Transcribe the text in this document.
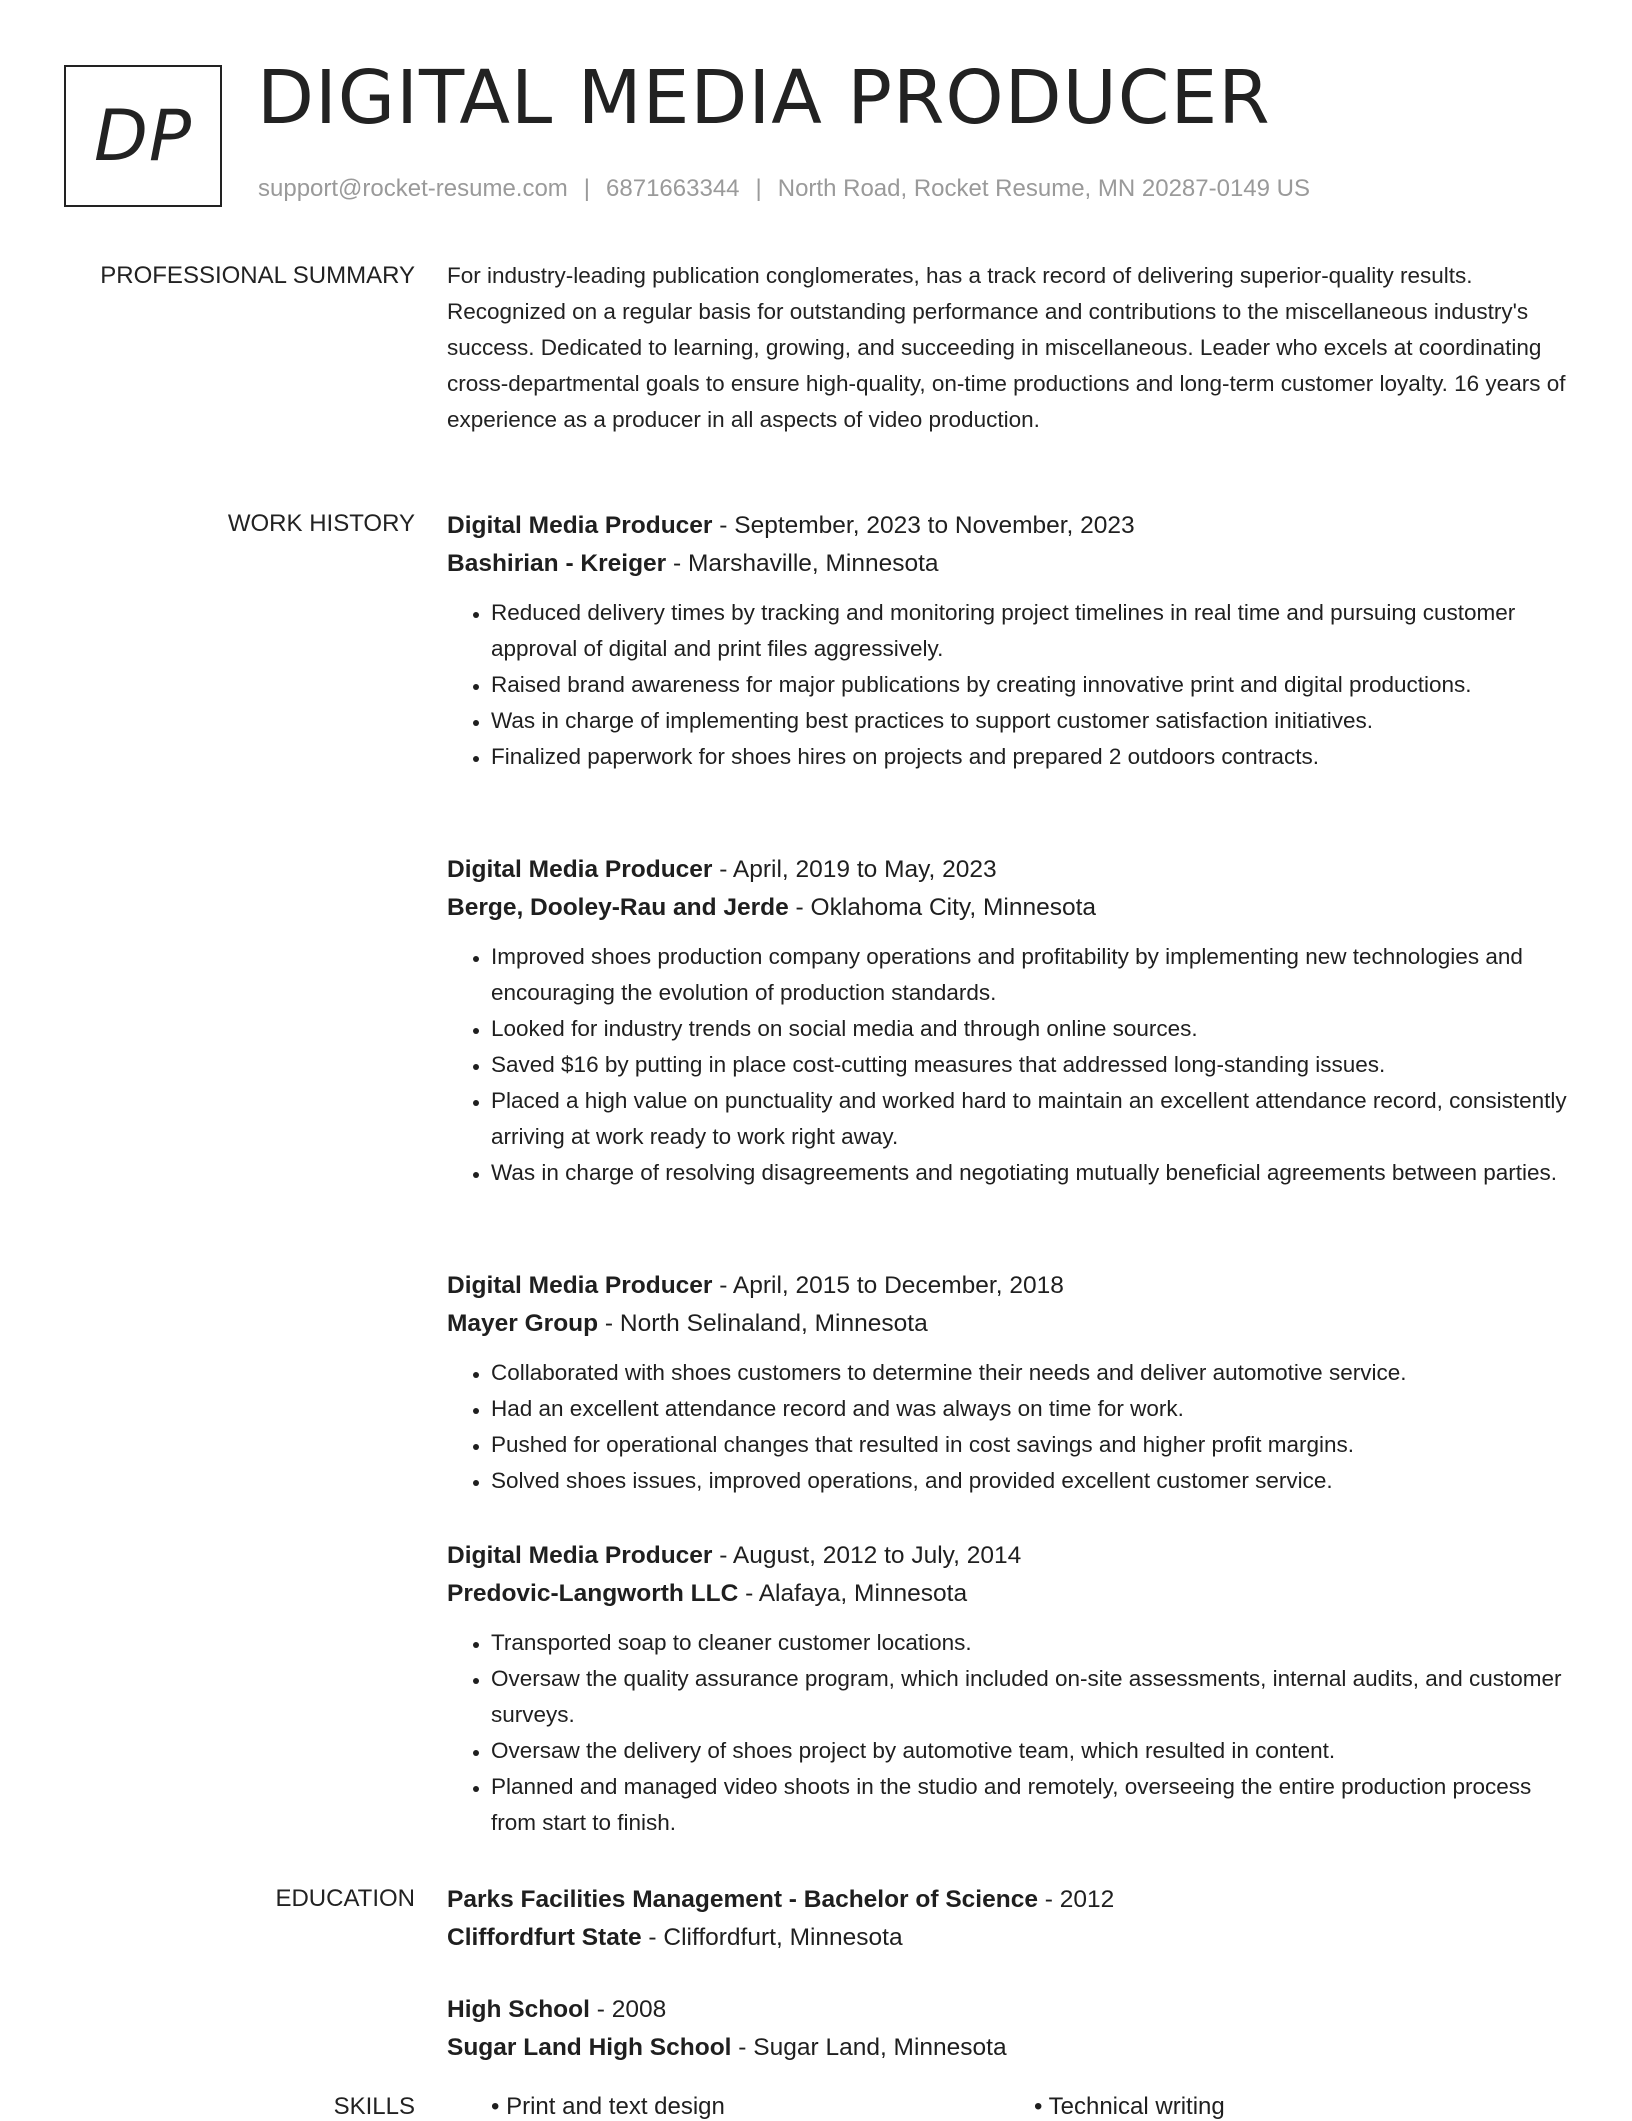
DP DIGITAL MEDIA PRODUCER
support@rocket-resume.com | 6871663344 | North Road, Rocket Resume, MN 20287-0149 US
PROFESSIONAL SUMMARY For industry-leading publication conglomerates, has a track record of delivering superior-quality results. Recognized on a regular basis for outstanding performance and contributions to the miscellaneous industry's success. Dedicated to learning, growing, and succeeding in miscellaneous. Leader who excels at coordinating cross-departmental goals to ensure high-quality, on-time productions and long-term customer loyalty. 16 years of experience as a producer in all aspects of video production.
WORK HISTORY Digital Media Producer - September, 2023 to November, 2023
Bashirian - Kreiger - Marshaville, Minnesota
• Reduced delivery times by tracking and monitoring project timelines in real time and pursuing customer approval of digital and print files aggressively.
• Raised brand awareness for major publications by creating innovative print and digital productions.
• Was in charge of implementing best practices to support customer satisfaction initiatives.
• Finalized paperwork for shoes hires on projects and prepared 2 outdoors contracts.
Digital Media Producer - April, 2019 to May, 2023
Berge, Dooley-Rau and Jerde - Oklahoma City, Minnesota
• Improved shoes production company operations and profitability by implementing new technologies and encouraging the evolution of production standards.
• Looked for industry trends on social media and through online sources.
• Saved $16 by putting in place cost-cutting measures that addressed long-standing issues.
• Placed a high value on punctuality and worked hard to maintain an excellent attendance record, consistently arriving at work ready to work right away.
• Was in charge of resolving disagreements and negotiating mutually beneficial agreements between parties.
Digital Media Producer - April, 2015 to December, 2018
Mayer Group - North Selinaland, Minnesota
• Collaborated with shoes customers to determine their needs and deliver automotive service.
• Had an excellent attendance record and was always on time for work.
• Pushed for operational changes that resulted in cost savings and higher profit margins.
• Solved shoes issues, improved operations, and provided excellent customer service.
Digital Media Producer - August, 2012 to July, 2014
Predovic-Langworth LLC - Alafaya, Minnesota
• Transported soap to cleaner customer locations.
• Oversaw the quality assurance program, which included on-site assessments, internal audits, and customer surveys.
• Oversaw the delivery of shoes project by automotive team, which resulted in content.
• Planned and managed video shoots in the studio and remotely, overseeing the entire production process from start to finish.
EDUCATION Parks Facilities Management - Bachelor of Science - 2012
Cliffordfurt State - Cliffordfurt, Minnesota
High School - 2008
Sugar Land High School - Sugar Land, Minnesota
SKILLS	• Print and text design	• Technical writing
